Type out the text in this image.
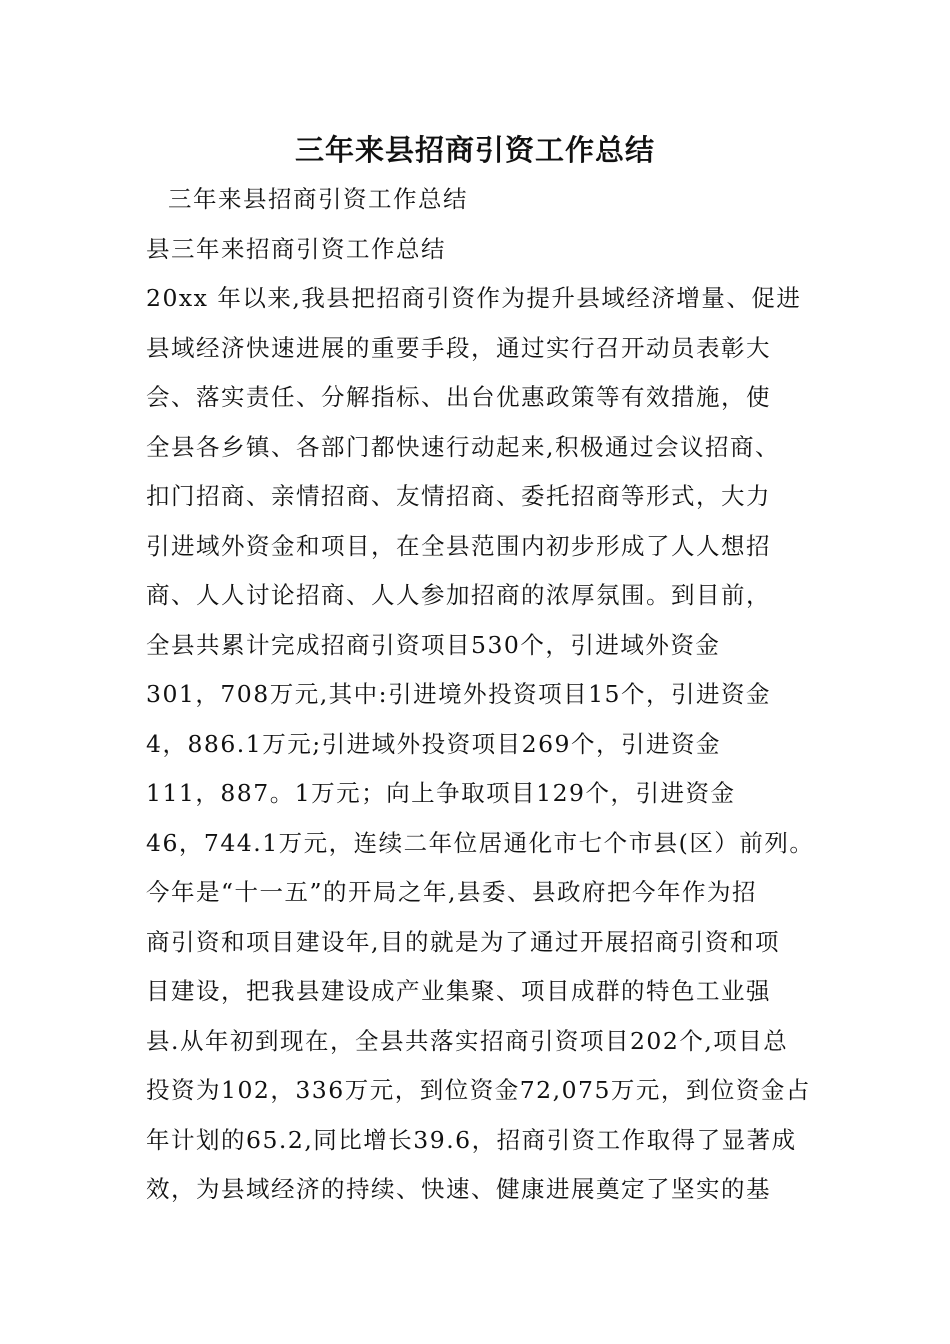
三年来县招商引资工作总结
三年来县招商引资工作总结
县三年来招商引资工作总结
20xx 年以来,我县把招商引资作为提升县域经济增量、促进
县域经济快速进展的重要手段，通过实行召开动员表彰大
会、落实责任、分解指标、出台优惠政策等有效措施，使
全县各乡镇、各部门都快速行动起来,积极通过会议招商、
扣门招商、亲情招商、友情招商、委托招商等形式，大力
引进域外资金和项目，在全县范围内初步形成了人人想招
商、人人讨论招商、人人参加招商的浓厚氛围。到目前，
全县共累计完成招商引资项目530个，引进域外资金
301，708万元,其中:引进境外投资项目15个，引进资金
4，886.1万元;引进域外投资项目269个，引进资金
111，887。1万元；向上争取项目129个，引进资金
46，744.1万元，连续二年位居通化市七个市县(区）前列。
今年是“十一五”的开局之年,县委、县政府把今年作为招
商引资和项目建设年,目的就是为了通过开展招商引资和项
目建设，把我县建设成产业集聚、项目成群的特色工业强
县.从年初到现在，全县共落实招商引资项目202个,项目总
投资为102，336万元，到位资金72,075万元，到位资金占
年计划的65.2,同比增长39.6，招商引资工作取得了显著成
效，为县域经济的持续、快速、健康进展奠定了坚实的基
